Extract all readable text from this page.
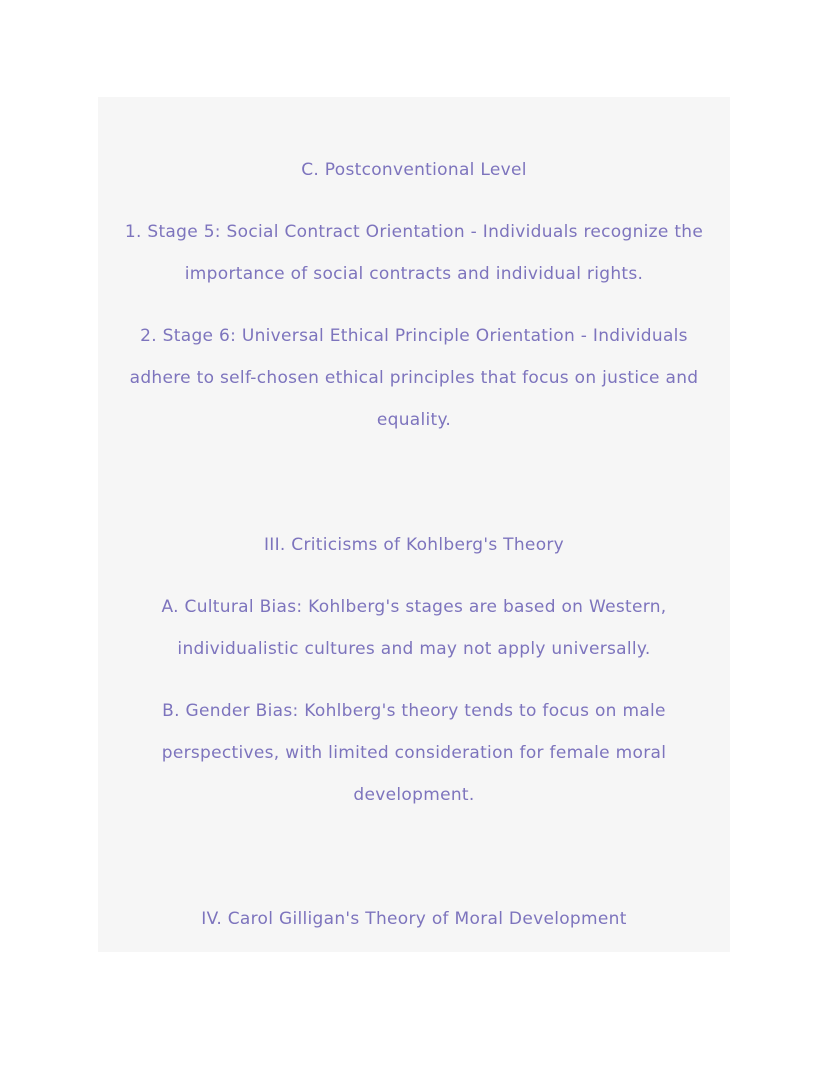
C. Postconventional Level
1. Stage 5: Social Contract Orientation - Individuals recognize the
importance of social contracts and individual rights.
2. Stage 6: Universal Ethical Principle Orientation - Individuals
adhere to self-chosen ethical principles that focus on justice and
equality.
III. Criticisms of Kohlberg's Theory
A. Cultural Bias: Kohlberg's stages are based on Western,
individualistic cultures and may not apply universally.
B. Gender Bias: Kohlberg's theory tends to focus on male
perspectives, with limited consideration for female moral
development.
IV. Carol Gilligan's Theory of Moral Development
